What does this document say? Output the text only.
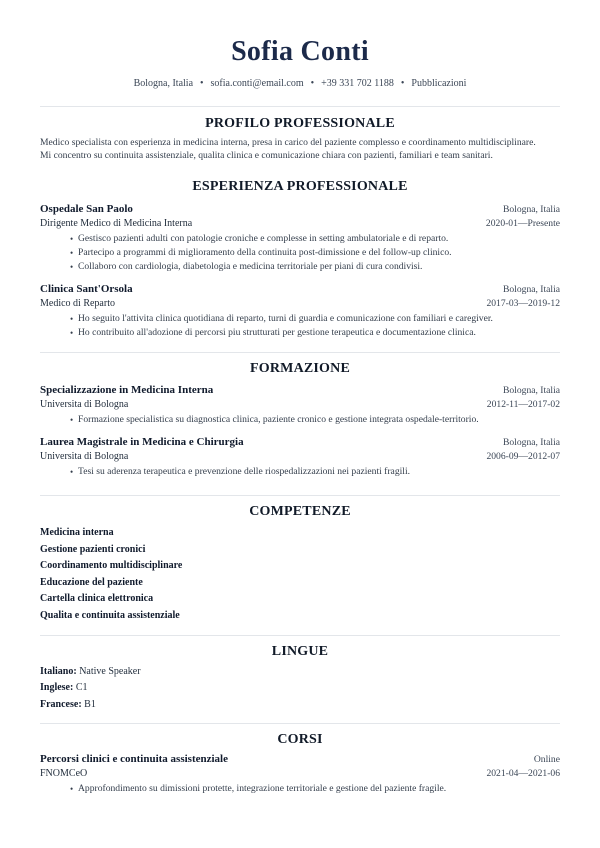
Sofia Conti
Bologna, Italia • sofia.conti@email.com • +39 331 702 1188 • Pubblicazioni
PROFILO PROFESSIONALE

Medico specialista con esperienza in medicina interna, presa in carico del paziente complesso e coordinamento multidisciplinare.

Mi concentro su continuita assistenziale, qualita clinica e comunicazione chiara con pazienti, familiari e team sanitari.

ESPERIENZA PROFESSIONALE
Ospedale San Paolo	Bologna, Italia
Dirigente Medico di Medicina Interna	2020-01—Presente
• Gestisco pazienti adulti con patologie croniche e complesse in setting ambulatoriale e di reparto.
• Partecipo a programmi di miglioramento della continuita post-dimissione e del follow-up clinico.
• Collaboro con cardiologia, diabetologia e medicina territoriale per piani di cura condivisi.
Clinica Sant'Orsola	Bologna, Italia
Medico di Reparto	2017-03—2019-12
• Ho seguito l'attivita clinica quotidiana di reparto, turni di guardia e comunicazione con familiari e caregiver.
• Ho contribuito all'adozione di percorsi piu strutturati per gestione terapeutica e documentazione clinica.
FORMAZIONE
Specializzazione in Medicina Interna	Bologna, Italia
Universita di Bologna	2012-11—2017-02
• Formazione specialistica su diagnostica clinica, paziente cronico e gestione integrata ospedale-territorio.
Laurea Magistrale in Medicina e Chirurgia	Bologna, Italia
Universita di Bologna	2006-09—2012-07
• Tesi su aderenza terapeutica e prevenzione delle riospedalizzazioni nei pazienti fragili.
COMPETENZE
Medicina interna
Gestione pazienti cronici
Coordinamento multidisciplinare
Educazione del paziente
Cartella clinica elettronica
Qualita e continuita assistenziale
LINGUE
Italiano: Native Speaker
Inglese: C1
Francese: B1
CORSI
Percorsi clinici e continuita assistenziale	Online
FNOMCeO	2021-04—2021-06
• Approfondimento su dimissioni protette, integrazione territoriale e gestione del paziente fragile.
